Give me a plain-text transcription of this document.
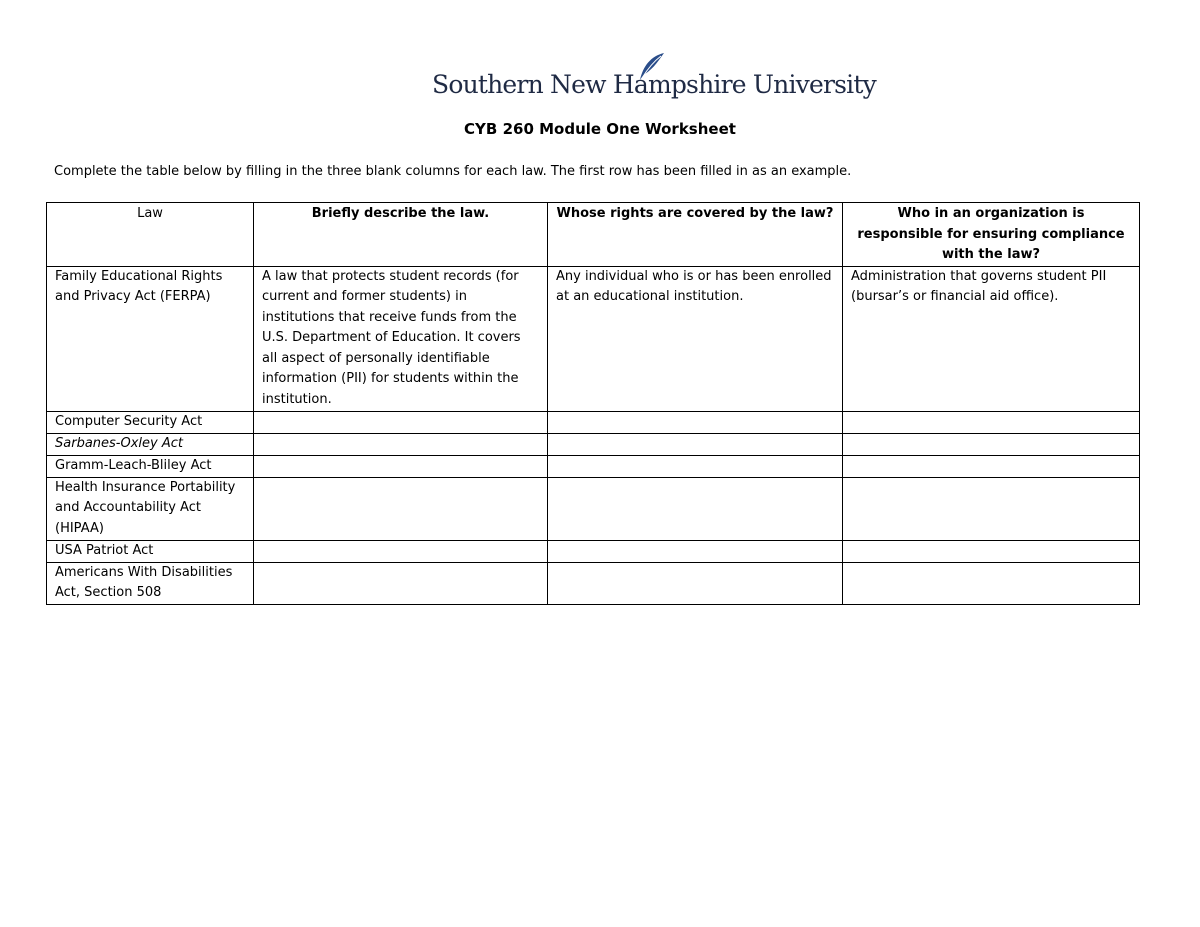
Southern New Hampshire University
CYB 260 Module One Worksheet
Complete the table below by filling in the three blank columns for each law. The first row has been filled in as an example.
Law	Briefly describe the law.	Whose rights are covered by the law?	Who in an organization is responsible for ensuring compliance with the law?
Family Educational Rights and Privacy Act (FERPA)	A law that protects student records (for current and former students) in institutions that receive funds from the U.S. Department of Education. It covers all aspect of personally identifiable information (PII) for students within the institution.	Any individual who is or has been enrolled at an educational institution.	Administration that governs student PII (bursar’s or financial aid office).
Computer Security Act			
Sarbanes-Oxley Act			
Gramm-Leach-Bliley Act			
Health Insurance Portability and Accountability Act (HIPAA)			
USA Patriot Act			
Americans With Disabilities Act, Section 508			
